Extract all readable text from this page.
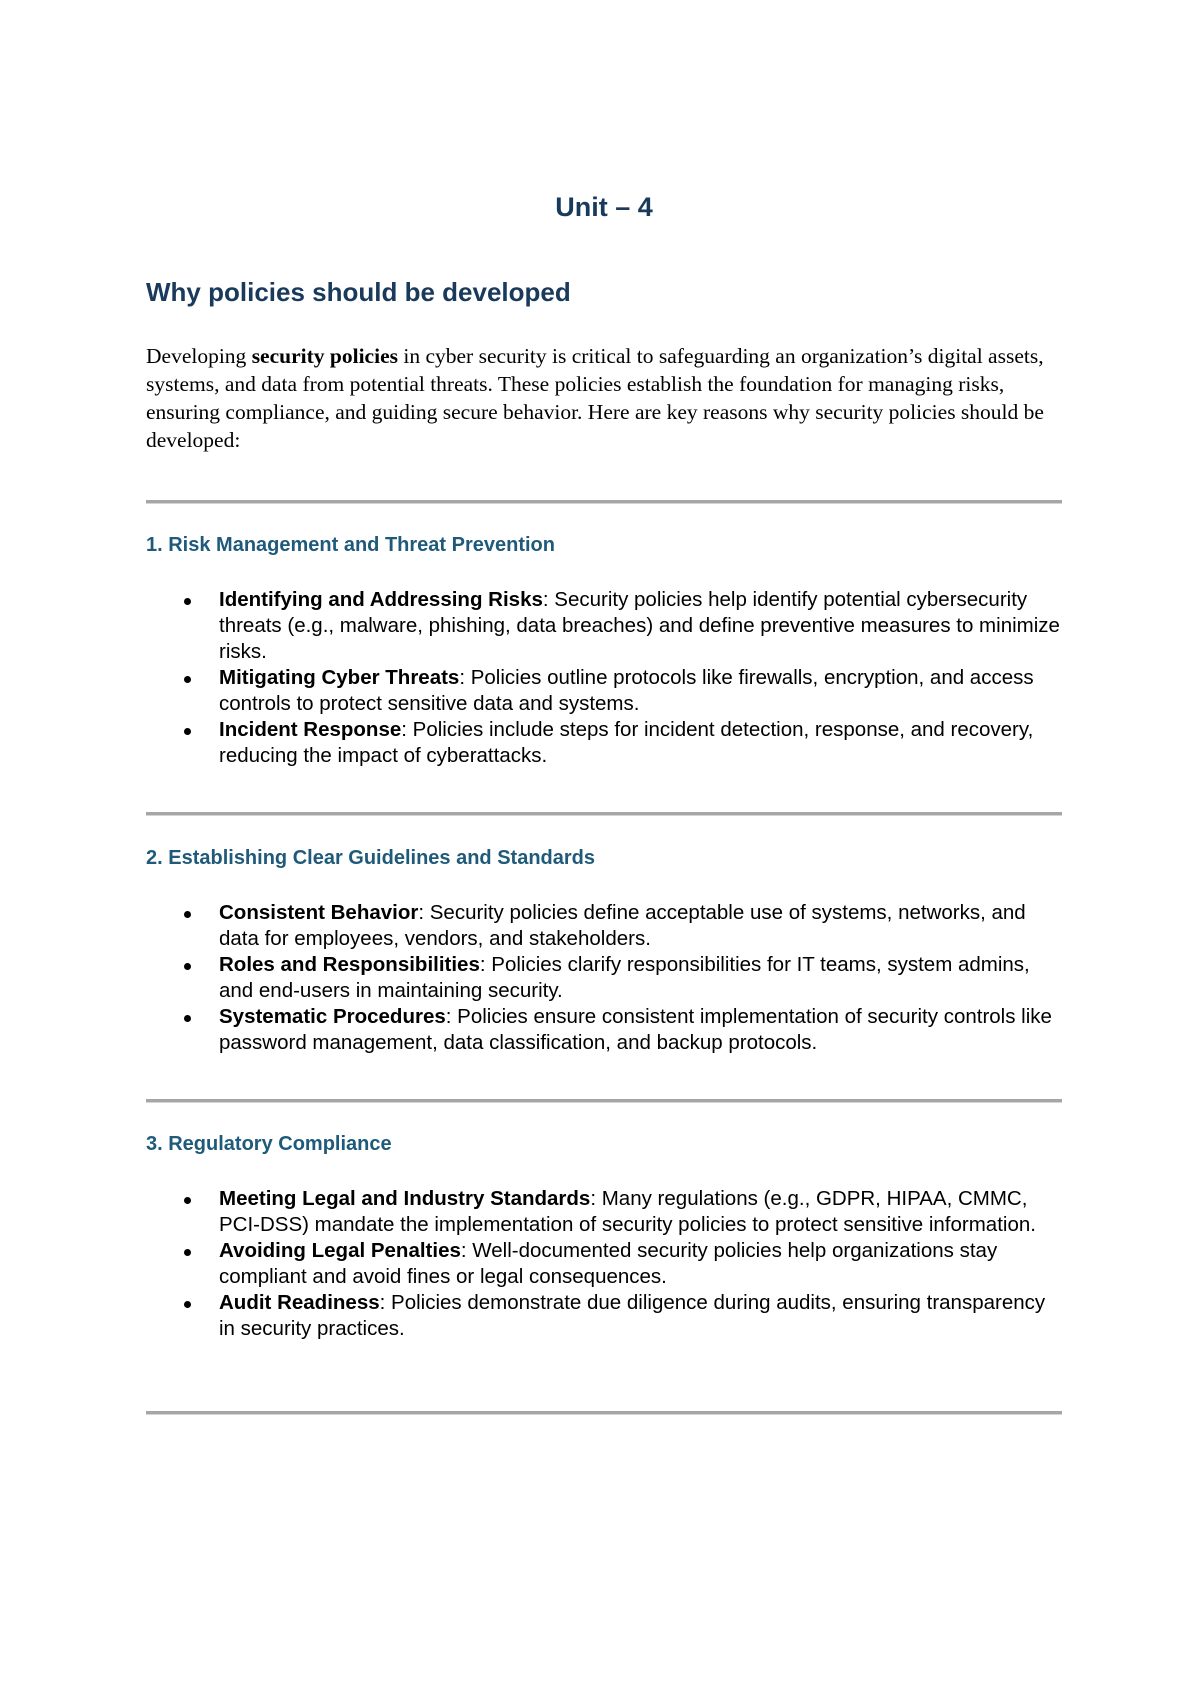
Unit – 4
Why policies should be developed

Developing security policies in cyber security is critical to safeguarding an organization’s digital assets, systems, and data from potential threats. These policies establish the foundation for managing risks, ensuring compliance, and guiding secure behavior. Here are key reasons why security policies should be developed:

1. Risk Management and Threat Prevention
Identifying and Addressing Risks: Security policies help identify potential cybersecurity threats (e.g., malware, phishing, data breaches) and define preventive measures to minimize risks.
Mitigating Cyber Threats: Policies outline protocols like firewalls, encryption, and access controls to protect sensitive data and systems.
Incident Response: Policies include steps for incident detection, response, and recovery, reducing the impact of cyberattacks.
2. Establishing Clear Guidelines and Standards
Consistent Behavior: Security policies define acceptable use of systems, networks, and data for employees, vendors, and stakeholders.
Roles and Responsibilities: Policies clarify responsibilities for IT teams, system admins, and end-users in maintaining security.
Systematic Procedures: Policies ensure consistent implementation of security controls like password management, data classification, and backup protocols.
3. Regulatory Compliance
Meeting Legal and Industry Standards: Many regulations (e.g., GDPR, HIPAA, CMMC, PCI-DSS) mandate the implementation of security policies to protect sensitive information.
Avoiding Legal Penalties: Well-documented security policies help organizations stay compliant and avoid fines or legal consequences.
Audit Readiness: Policies demonstrate due diligence during audits, ensuring transparency in security practices.
